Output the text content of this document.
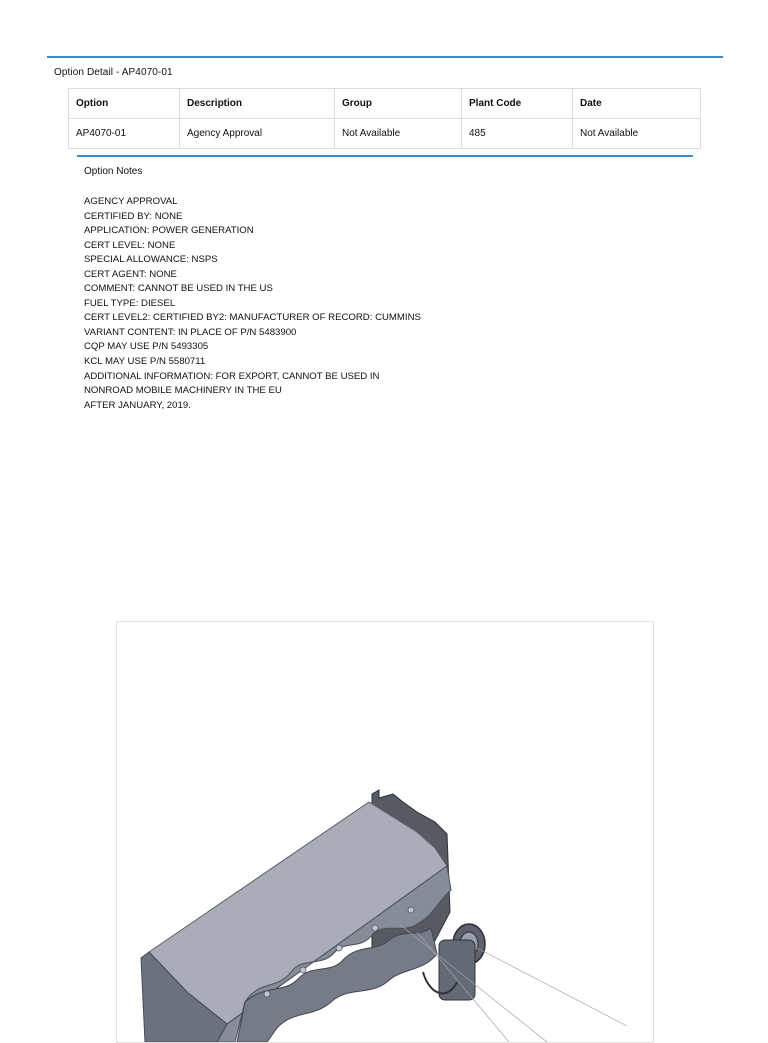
Option Detail - AP4070-01
Option	Description	Group	Plant Code	Date
AP4070-01	Agency Approval	Not Available	485	Not Available
Option Notes
AGENCY APPROVAL
CERTIFIED BY: NONE
APPLICATION: POWER GENERATION
CERT LEVEL: NONE
SPECIAL ALLOWANCE: NSPS
CERT AGENT: NONE
COMMENT: CANNOT BE USED IN THE US
FUEL TYPE: DIESEL
CERT LEVEL2: CERTIFIED BY2: MANUFACTURER OF RECORD: CUMMINS
VARIANT CONTENT: IN PLACE OF P/N 5483900
CQP MAY USE P/N 5493305
KCL MAY USE P/N 5580711
ADDITIONAL INFORMATION: FOR EXPORT, CANNOT BE USED IN
NONROAD MOBILE MACHINERY IN THE EU
AFTER JANUARY, 2019.
